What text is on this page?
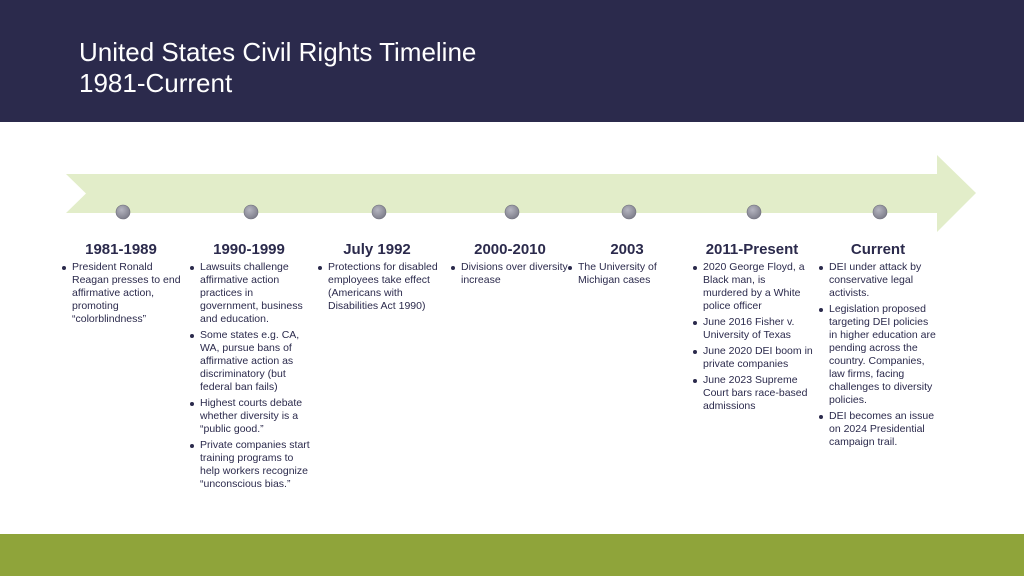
United States Civil Rights Timeline
1981-Current
1981-1989
President Ronald Reagan presses to end affirmative action, promoting “colorblindness”
1990-1999
Lawsuits challenge affirmative action practices in government, business and education.
Some states e.g. CA, WA, pursue bans of affirmative action as discriminatory (but federal ban fails)
Highest courts debate whether diversity is a “public good.”
Private companies start training programs to help workers recognize “unconscious bias.”
July 1992
Protections for disabled employees take effect (Americans with Disabilities Act 1990)
2000-2010
Divisions over diversity increase
2003
The University of Michigan cases
2011-Present
2020 George Floyd, a Black man, is murdered by a White police officer
June 2016 Fisher v. University of Texas
June 2020 DEI boom in private companies
June 2023 Supreme Court bars race-based admissions
Current
DEI under attack by conservative legal activists.
Legislation proposed targeting DEI policies in higher education are pending across the country. Companies, law firms, facing challenges to diversity policies.
DEI becomes an issue on 2024 Presidential campaign trail.
